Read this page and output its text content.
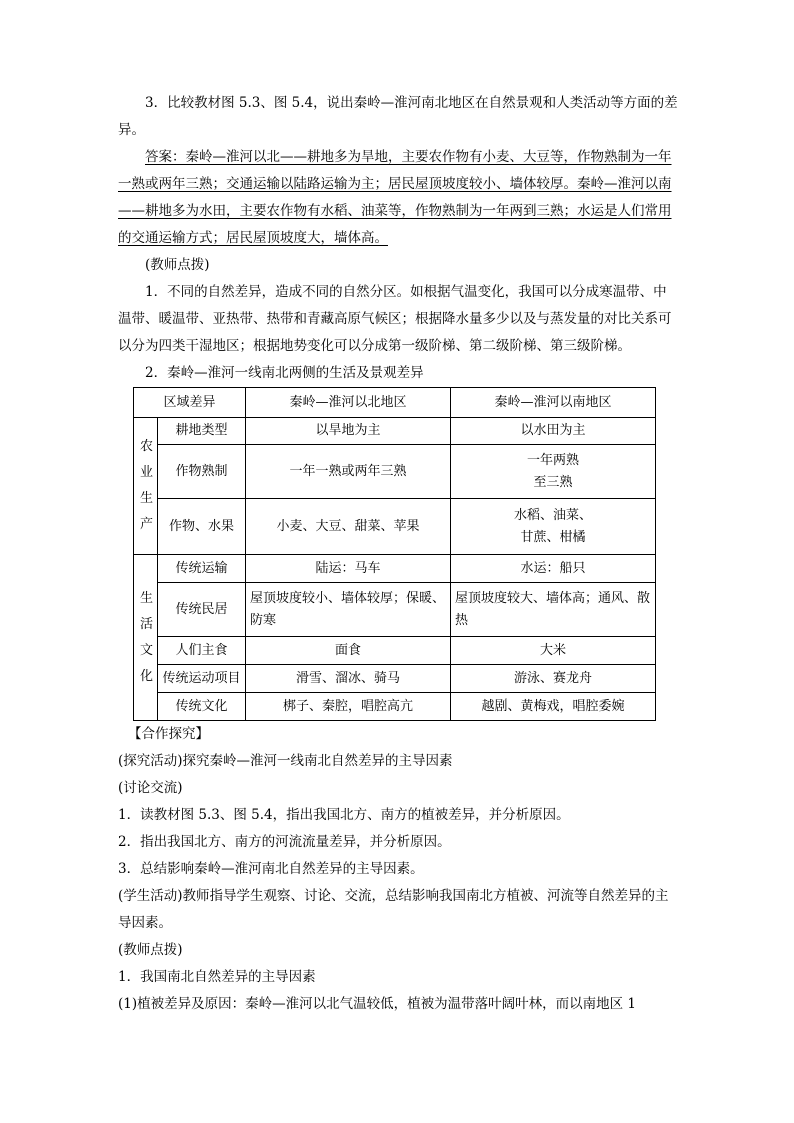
3．比较教材图 5.3、图 5.4，说出秦岭—淮河南北地区在自然景观和人类活动等方面的差异。

答案：秦岭—淮河以北——耕地多为旱地，主要农作物有小麦、大豆等，作物熟制为一年一熟或两年三熟；交通运输以陆路运输为主；居民屋顶坡度较小、墙体较厚。秦岭—淮河以南——耕地多为水田，主要农作物有水稻、油菜等，作物熟制为一年两到三熟；水运是人们常用的交通运输方式；居民屋顶坡度大，墙体高。

(教师点拨)

1．不同的自然差异，造成不同的自然分区。如根据气温变化，我国可以分成寒温带、中温带、暖温带、亚热带、热带和青藏高原气候区；根据降水量多少以及与蒸发量的对比关系可以分为四类干湿地区；根据地势变化可以分成第一级阶梯、第二级阶梯、第三级阶梯。

2．秦岭—淮河一线南北两侧的生活及景观差异

区域差异		秦岭—淮河以北地区	秦岭—淮河以南地区

农
业
生
产	耕地类型	以旱地为主	以水田为主
	作物熟制	一年一熟或两年三熟	一年两熟
至三熟

	作物、水果	小麦、大豆、甜菜、苹果	水稻、油菜、
甘蔗、柑橘

生
活
文
化	传统运输	陆运：马车	水运：船只
	传统民居	屋顶坡度较小、墙体较厚；保暖、防寒	屋顶坡度较大、墙体高；通风、散热
	人们主食	面食	大米
	传统运动项目	滑雪、溜冰、骑马	游泳、赛龙舟
	传统文化	梆子、秦腔，唱腔高亢	越剧、黄梅戏，唱腔委婉

【合作探究】

(探究活动)探究秦岭—淮河一线南北自然差异的主导因素

(讨论交流)

1．读教材图 5.3、图 5.4，指出我国北方、南方的植被差异，并分析原因。

2．指出我国北方、南方的河流流量差异，并分析原因。

3．总结影响秦岭—淮河南北自然差异的主导因素。

(学生活动)教师指导学生观察、讨论、交流，总结影响我国南北方植被、河流等自然差异的主导因素。

(教师点拨)

1．我国南北自然差异的主导因素

(1)植被差异及原因：秦岭—淮河以北气温较低，植被为温带落叶阔叶林，而以南地区 1
